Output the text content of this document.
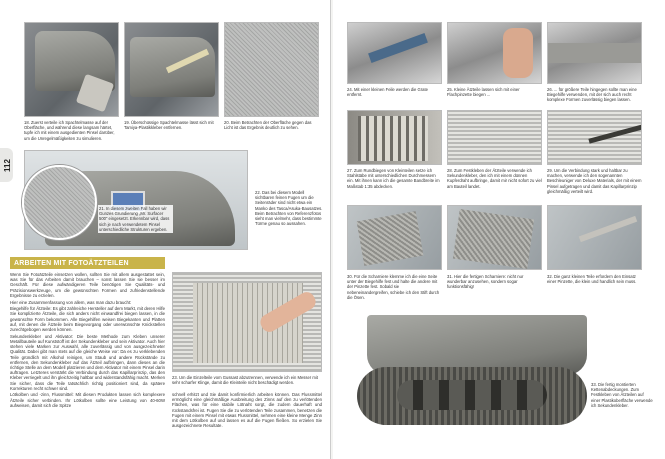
18. Zuerst verteile ich Spachtelmasse auf der Oberfläche, und während diese langsam härtet, tupfe ich mit einem ausgedienten Pinsel darüber, um die Unregelmäßigkeiten zu simulieren.
19. Überschüssige Spachtelmasse lässt sich mit Tamiya-Plastikkleber entfernen.
20. Beim Betrachten der Oberfläche gegen das Licht ist das Ergebnis deutlich zu sehen.
21. In diesem zweiten Fall haben wir Gunzes Grundierung „Mr. Surfacer 500“ eingesetzt. Erkennbar wird, dass sich je nach verwendetem Pinsel unterschiedliche Strukturen ergeben.
22. Das bei diesem Modell sichtbaren feinen Fugen um die Seitenräder sind nicht etwa ein Manko des Tasca/Asuka-Bausatzes. Beim Betrachten von Referenzfotos sieht man vielmehr, dass bestimmte Türme genau so aussahen.
ARBEITEN MIT FOTOÄTZTEILEN

Wenn Sie Fotoätzteile einsetzen wollen, sollten Sie mit allem ausgestattet sein, was Sie für das Arbeiten damit brauchen – sonst lassen Sie sie besser im Geschäft. Für diese aufwändigeren Teile benötigen Sie Qualitäts- und Präzisionswerkzeuge, um die gewünschten Formen und zufriedenstellende Ergebnisse zu erzielen.

Hier eine Zusammenfassung von allem, was man dazu braucht:

Biegehilfe für Ätzteile: Es gibt zahlreiche Hersteller auf dem Markt, mit deren Hilfe Sie komplizierte Ätzteile, die sich anders nicht einwandfrei biegen lassen, in die gewünschte Form bekommen. Alle Biegehilfen weisen Biegekanten und Platten auf, mit denen die Ätzteile beim Biegevorgang oder unerwünschte Knickstellen zurechtgebogen werden können.

Sekundenkleber und Aktivator: Die beste Methode zum Kleben unserer Metallbauteile auf Kunststoff ist der Sekundenkleber und sein Aktivator. Auch hier stehen viele Marken zur Auswahl, alle zuverlässig und von ausgezeichneter Qualität. Dabei gibt man stets auf die gleiche Weise vor: Da es zu verklebenden Teile gründlich mit Alkohol reinigen, um Staub und andere Rückstände zu entfernen, den Sekundenkleber auf das Ätzteil aufbringen, dann dieses an die richtige Stelle an dem Modell platzieren und dem Aktivator mit einem Pinsel darin auftragen. Letzteres verstärkt die Verbindung durch das Kapillarprinzip, das den Kleber verriegelt und ihn gleichzeitig haltbar und widerstandsfähig macht. Merken Sie sicher, dass die Teile tatsächlich richtig positioniert sind, da spätere Korrekturen recht schwer sind.

Lötkolben und -zinn, Flussmittel: Mit diesen Produkten lassen sich komplexere Ätzteile sicher verbinden. Ihr Lötkolben sollte eine Leistung von 40-60W aufweisen, damit sich die Spitze

23. Um die Einzelteile vom Gussast abzutrennen, verwende ich ein Messer mit sehr scharfer Klinge, damit die Kleinteile nicht beschädigt werden.
schnell erhitzt und Sie damit konfirmierlich arbeiten können. Das Flussmittel ermöglicht eine gleichmäßige Ausbreitung des Zinns auf den zu verlötenden Flächen, was für eine stabile Lötnaht sorgt, die zudem dauerhaft und rückstandsfrei ist. Fugen Sie die zu verlötenden Teile zusammen, benetzen die Fugen mit einem Pinsel mit etwas Flussmittel, nehmen eine kleine Menge Zinn mit dem Lötkolben auf und lassen es auf die Fugen fließen. So erzielen Sie ausgezeichnete Resultate.
112
24. Mit einer kleinen Feile werden die Grate entfernt.
25. Kleine Ätzteile lassen sich mit einer Flachpinzette biegen ...
26. ... für größere Teile hingegen sollte man eine Biegehilfe verwenden, mit der sich auch recht komplexe Formen zuverlässig biegen lassen.
27. Zum Rundbiegen von Kleinteilen setze ich Stahlstäbe mit unterschiedlichen Durchmessern ein. Mit ihnen kann ich die gesamte Bandbreite im Maßstab 1:35 abdecken.
28. Zum Festkleben der Ätzteile verwende ich Sekundenkleber, den ich mit einem dünnen Kupferdraht aufbringe, damit mir nicht sofort zu viel am Bauteil landet.
29. Um die Verbindung stark und haltbar zu machen, verwende ich den sogenannten Beschleuniger von Deluxe Materials, der mit einem Pinsel aufgetragen und damit das Kapillarprinzip gleichmäßig verteilt wird.
30. Für die Scharniere klemme ich die eine Seite unter der Biegehilfe fest und halte die andere mit der Pinzette fest. Sobald sie nebeneinandergreifen, schiebe ich den Stift durch die Ösen.
31. Hier die fertigen Scharniere: nicht nur wunderbar anzusehen, sondern sogar funktionsfähig!
32. Die ganz kleinen Teile erfordern den Einsatz einer Pinzette, die klein und handlich sein muss.
33. Die fertig montierten Kettenabdeckungen. Zum Festkleben von Ätzteilen auf einer Plastikoberfläche verwende ich Sekundenkleber.
